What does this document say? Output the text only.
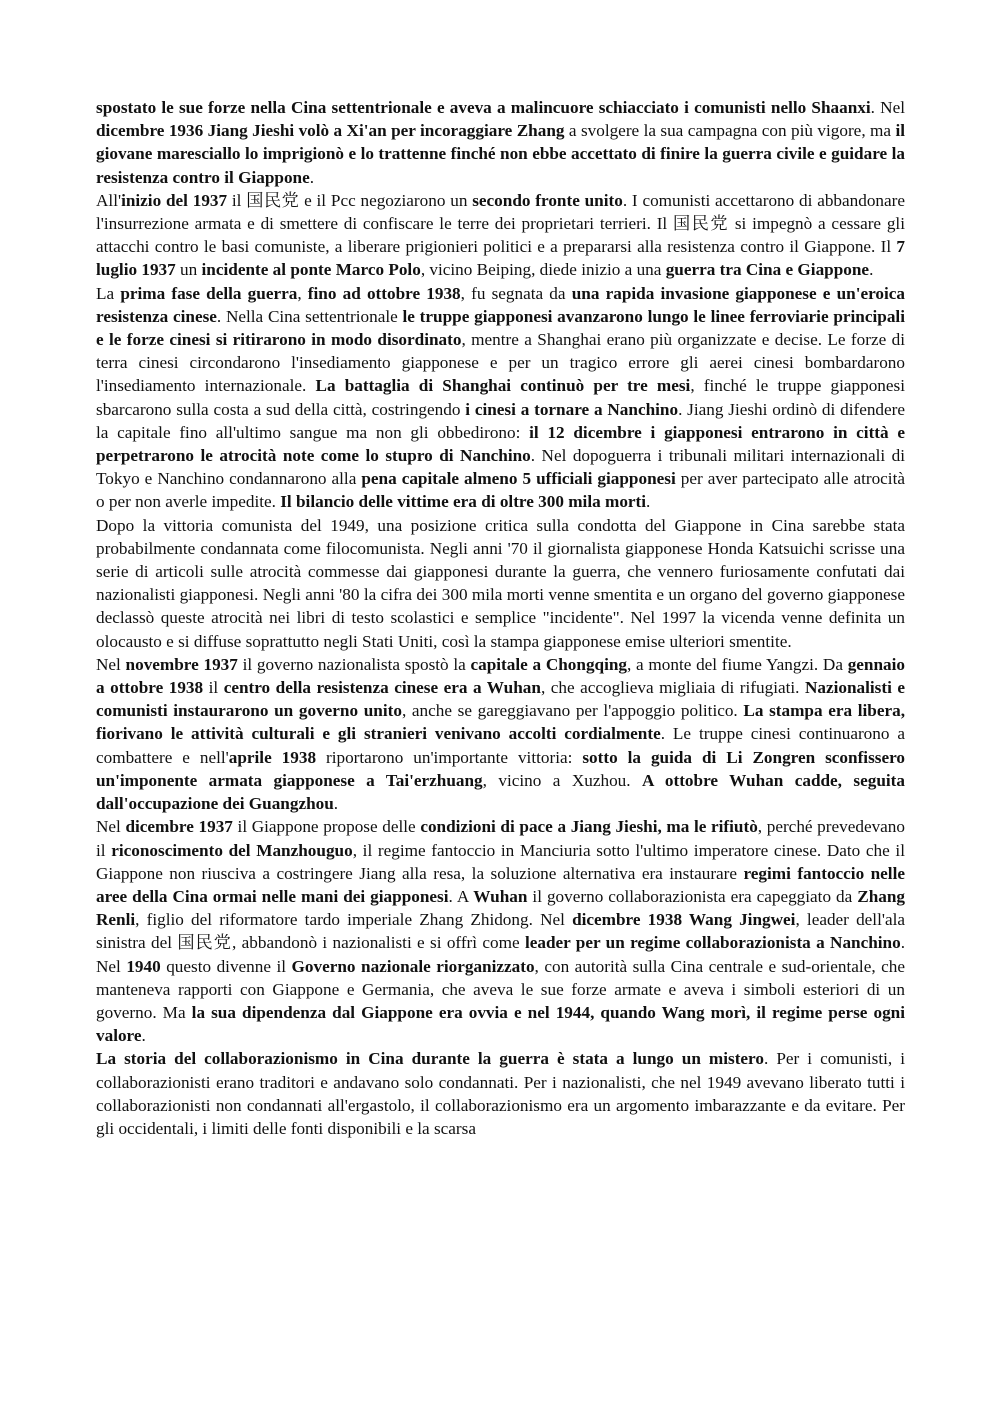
spostato le sue forze nella Cina settentrionale e aveva a malincuore schiacciato i comunisti nello Shaanxi. Nel dicembre 1936 Jiang Jieshi volò a Xi'an per incoraggiare Zhang a svolgere la sua campagna con più vigore, ma il giovane maresciallo lo imprigionò e lo trattenne finché non ebbe accettato di finire la guerra civile e guidare la resistenza contro il Giappone.

All'inizio del 1937 il 国民党 e il Pcc negoziarono un secondo fronte unito. I comunisti accettarono di abbandonare l'insurrezione armata e di smettere di confiscare le terre dei proprietari terrieri. Il 国民党 si impegnò a cessare gli attacchi contro le basi comuniste, a liberare prigionieri politici e a prepararsi alla resistenza contro il Giappone. Il 7 luglio 1937 un incidente al ponte Marco Polo, vicino Beiping, diede inizio a una guerra tra Cina e Giappone.

La prima fase della guerra, fino ad ottobre 1938, fu segnata da una rapida invasione giapponese e un'eroica resistenza cinese. Nella Cina settentrionale le truppe giapponesi avanzarono lungo le linee ferroviarie principali e le forze cinesi si ritirarono in modo disordinato, mentre a Shanghai erano più organizzate e decise. Le forze di terra cinesi circondarono l'insediamento giapponese e per un tragico errore gli aerei cinesi bombardarono l'insediamento internazionale. La battaglia di Shanghai continuò per tre mesi, finché le truppe giapponesi sbarcarono sulla costa a sud della città, costringendo i cinesi a tornare a Nanchino. Jiang Jieshi ordinò di difendere la capitale fino all'ultimo sangue ma non gli obbedirono: il 12 dicembre i giapponesi entrarono in città e perpetrarono le atrocità note come lo stupro di Nanchino. Nel dopoguerra i tribunali militari internazionali di Tokyo e Nanchino condannarono alla pena capitale almeno 5 ufficiali giapponesi per aver partecipato alle atrocità o per non averle impedite. Il bilancio delle vittime era di oltre 300 mila morti.

Dopo la vittoria comunista del 1949, una posizione critica sulla condotta del Giappone in Cina sarebbe stata probabilmente condannata come filocomunista. Negli anni '70 il giornalista giapponese Honda Katsuichi scrisse una serie di articoli sulle atrocità commesse dai giapponesi durante la guerra, che vennero furiosamente confutati dai nazionalisti giapponesi. Negli anni '80 la cifra dei 300 mila morti venne smentita e un organo del governo giapponese declassò queste atrocità nei libri di testo scolastici e semplice "incidente". Nel 1997 la vicenda venne definita un olocausto e si diffuse soprattutto negli Stati Uniti, così la stampa giapponese emise ulteriori smentite.

Nel novembre 1937 il governo nazionalista spostò la capitale a Chongqing, a monte del fiume Yangzi. Da gennaio a ottobre 1938 il centro della resistenza cinese era a Wuhan, che accoglieva migliaia di rifugiati. Nazionalisti e comunisti instaurarono un governo unito, anche se gareggiavano per l'appoggio politico. La stampa era libera, fiorivano le attività culturali e gli stranieri venivano accolti cordialmente. Le truppe cinesi continuarono a combattere e nell'aprile 1938 riportarono un'importante vittoria: sotto la guida di Li Zongren sconfissero un'imponente armata giapponese a Tai'erzhuang, vicino a Xuzhou. A ottobre Wuhan cadde, seguita dall'occupazione dei Guangzhou.

Nel dicembre 1937 il Giappone propose delle condizioni di pace a Jiang Jieshi, ma le rifiutò, perché prevedevano il riconoscimento del Manzhouguo, il regime fantoccio in Manciuria sotto l'ultimo imperatore cinese. Dato che il Giappone non riusciva a costringere Jiang alla resa, la soluzione alternativa era instaurare regimi fantoccio nelle aree della Cina ormai nelle mani dei giapponesi. A Wuhan il governo collaborazionista era capeggiato da Zhang Renli, figlio del riformatore tardo imperiale Zhang Zhidong. Nel dicembre 1938 Wang Jingwei, leader dell'ala sinistra del 国民党, abbandonò i nazionalisti e si offrì come leader per un regime collaborazionista a Nanchino. Nel 1940 questo divenne il Governo nazionale riorganizzato, con autorità sulla Cina centrale e sud-orientale, che manteneva rapporti con Giappone e Germania, che aveva le sue forze armate e aveva i simboli esteriori di un governo. Ma la sua dipendenza dal Giappone era ovvia e nel 1944, quando Wang morì, il regime perse ogni valore.

La storia del collaborazionismo in Cina durante la guerra è stata a lungo un mistero. Per i comunisti, i collaborazionisti erano traditori e andavano solo condannati. Per i nazionalisti, che nel 1949 avevano liberato tutti i collaborazionisti non condannati all'ergastolo, il collaborazionismo era un argomento imbarazzante e da evitare. Per gli occidentali, i limiti delle fonti disponibili e la scarsa
